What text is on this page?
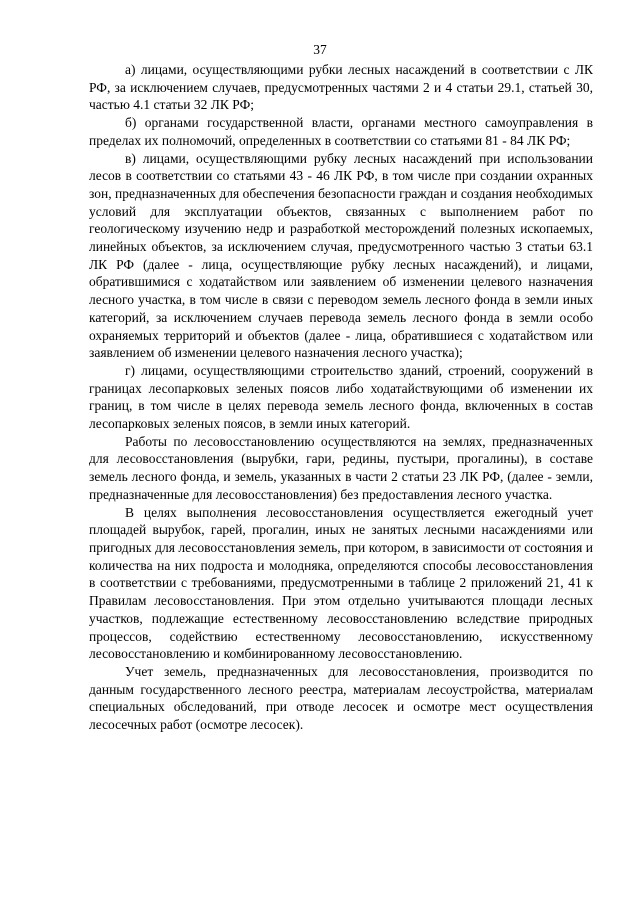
37

а) лицами, осуществляющими рубки лесных насаждений в соответствии с ЛК РФ, за исключением случаев, предусмотренных частями 2 и 4 статьи 29.1, статьей 30, частью 4.1 статьи 32 ЛК РФ;

б) органами государственной власти, органами местного самоуправления в пределах их полномочий, определенных в соответствии со статьями 81 - 84 ЛК РФ;

в) лицами, осуществляющими рубку лесных насаждений при использовании лесов в соответствии со статьями 43 - 46 ЛК РФ, в том числе при создании охранных зон, предназначенных для обеспечения безопасности граждан и создания необходимых условий для эксплуатации объектов, связанных с выполнением работ по геологическому изучению недр и разработкой месторождений полезных ископаемых, линейных объектов, за исключением случая, предусмотренного частью 3 статьи 63.1 ЛК РФ (далее - лица, осуществляющие рубку лесных насаждений), и лицами, обратившимися с ходатайством или заявлением об изменении целевого назначения лесного участка, в том числе в связи с переводом земель лесного фонда в земли иных категорий, за исключением случаев перевода земель лесного фонда в земли особо охраняемых территорий и объектов (далее - лица, обратившиеся с ходатайством или заявлением об изменении целевого назначения лесного участка);

г) лицами, осуществляющими строительство зданий, строений, сооружений в границах лесопарковых зеленых поясов либо ходатайствующими об изменении их границ, в том числе в целях перевода земель лесного фонда, включенных в состав лесопарковых зеленых поясов, в земли иных категорий.

Работы по лесовосстановлению осуществляются на землях, предназначенных для лесовосстановления (вырубки, гари, редины, пустыри, прогалины), в составе земель лесного фонда, и земель, указанных в части 2 статьи 23 ЛК РФ, (далее - земли, предназначенные для лесовосстановления) без предоставления лесного участка.

В целях выполнения лесовосстановления осуществляется ежегодный учет площадей вырубок, гарей, прогалин, иных не занятых лесными насаждениями или пригодных для лесовосстановления земель, при котором, в зависимости от состояния и количества на них подроста и молодняка, определяются способы лесовосстановления в соответствии с требованиями, предусмотренными в таблице 2 приложений 21, 41 к Правилам лесовосстановления. При этом отдельно учитываются площади лесных участков, подлежащие естественному лесовосстановлению вследствие природных процессов, содействию естественному лесовосстановлению, искусственному лесовосстановлению и комбинированному лесовосстановлению.

Учет земель, предназначенных для лесовосстановления, производится по данным государственного лесного реестра, материалам лесоустройства, материалам специальных обследований, при отводе лесосек и осмотре мест осуществления лесосечных работ (осмотре лесосек).
